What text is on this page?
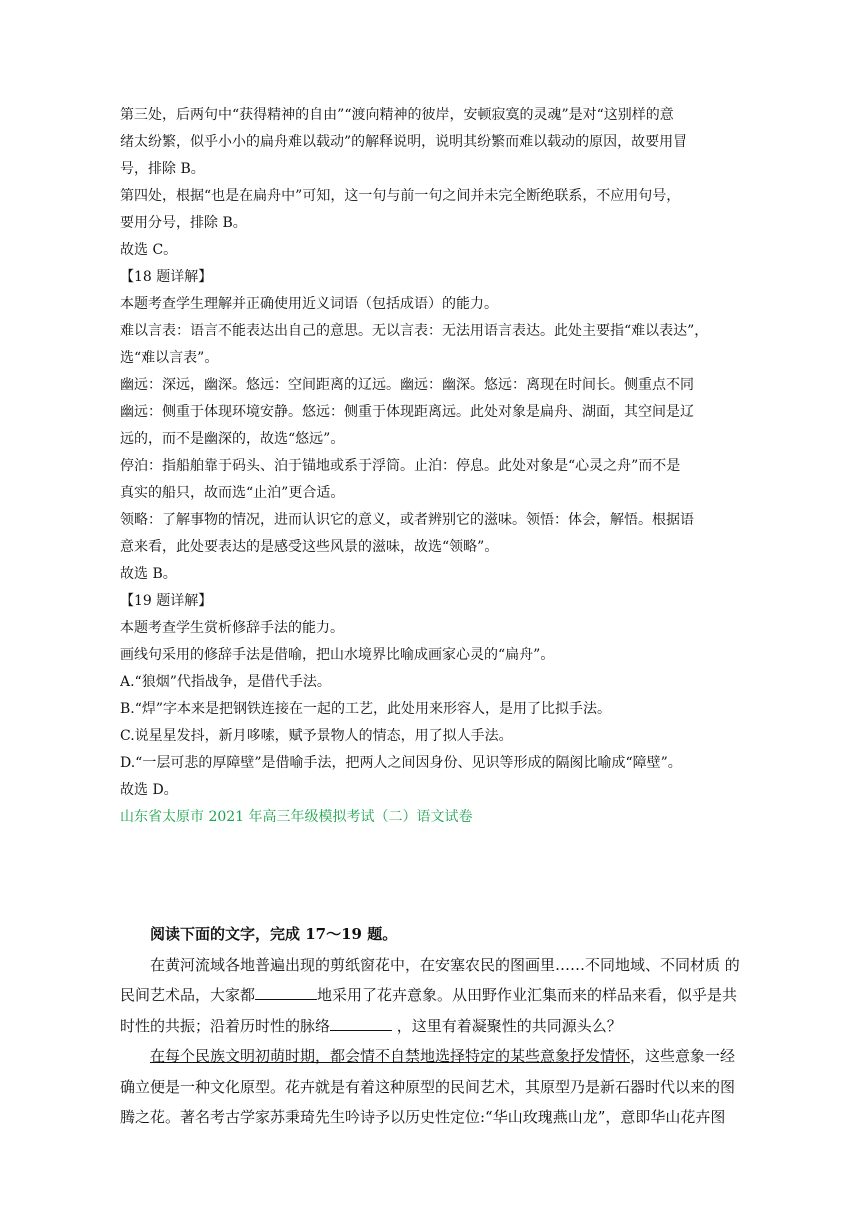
第三处，后两句中“获得精神的自由”“渡向精神的彼岸，安顿寂寞的灵魂”是对“这别样的意
绪太纷繁，似乎小小的扁舟难以载动”的解释说明，说明其纷繁而难以载动的原因，故要用冒
号，排除 B。
第四处，根据“也是在扁舟中”可知，这一句与前一句之间并未完全断绝联系，不应用句号，
要用分号，排除 B。
故选 C。
【18 题详解】
本题考查学生理解并正确使用近义词语（包括成语）的能力。
难以言表：语言不能表达出自己的意思。无以言表：无法用语言表达。此处主要指“难以表达”，
选“难以言表”。
幽远：深远，幽深。悠远：空间距离的辽远。幽远：幽深。悠远：离现在时间长。侧重点不同
幽远：侧重于体现环境安静。悠远：侧重于体现距离远。此处对象是扁舟、湖面，其空间是辽
远的，而不是幽深的，故选“悠远”。
停泊：指船舶靠于码头、泊于锚地或系于浮筒。止泊：停息。此处对象是“心灵之舟”而不是
真实的船只，故而选“止泊”更合适。
领略：了解事物的情况，进而认识它的意义，或者辨别它的滋味。领悟：体会，解悟。根据语
意来看，此处要表达的是感受这些风景的滋味，故选“领略”。
故选 B。
【19 题详解】
本题考查学生赏析修辞手法的能力。
画线句采用的修辞手法是借喻，把山水境界比喻成画家心灵的“扁舟”。
A.“狼烟”代指战争，是借代手法。
B.“焊”字本来是把钢铁连接在一起的工艺，此处用来形容人，是用了比拟手法。
C.说星星发抖，新月哆嗦，赋予景物人的情态，用了拟人手法。
D.“一层可悲的厚障壁”是借喻手法，把两人之间因身份、见识等形成的隔阂比喻成“障壁”。
故选 D。
山东省太原市 2021 年高三年级模拟考试（二）语文试卷
阅读下面的文字，完成 17～19 题。
在黄河流域各地普遍出现的剪纸窗花中，在安塞农民的图画里……不同地域、不同材质 的
民间艺术品，大家都	地采用了花卉意象。从田野作业汇集而来的样品来看，似乎是共
时性的共振；沿着历时性的脉络	，这里有着凝聚性的共同源头么？
在每个民族文明初萌时期，都会情不自禁地选择特定的某些意象抒发情怀，这些意象一经
确立便是一种文化原型。花卉就是有着这种原型的民间艺术，其原型乃是新石器时代以来的图
腾之花。著名考古学家苏秉琦先生吟诗予以历史性定位:“华山玫瑰燕山龙”，意即华山花卉图
